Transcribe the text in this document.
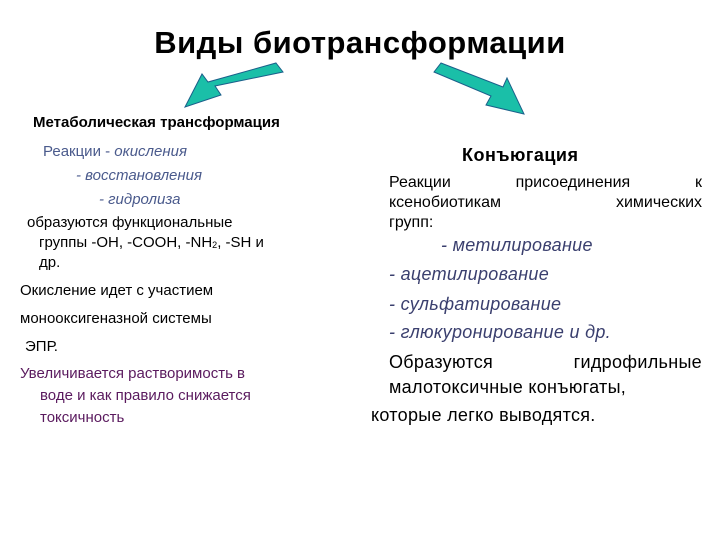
Виды биотрансформации
Метаболическая трансформация
Реакции - окисления
- восстановления
- гидролиза
образуются функциональные
группы -OH, -COOH, $-NH_2$, -SH и
др.
Окисление идет с участием
монооксигеназной системы
ЭПР.
Увеличивается растворимость в
воде и как правило снижается
токсичность
Конъюгация
Реакции присоединения к
ксенобиотикам химических
групп:
- метилирование
- ацетилирование
- сульфатирование
- глюкуронирование и др.
Образуются гидрофильные
малотоксичные конъюгаты,
которые легко выводятся.
